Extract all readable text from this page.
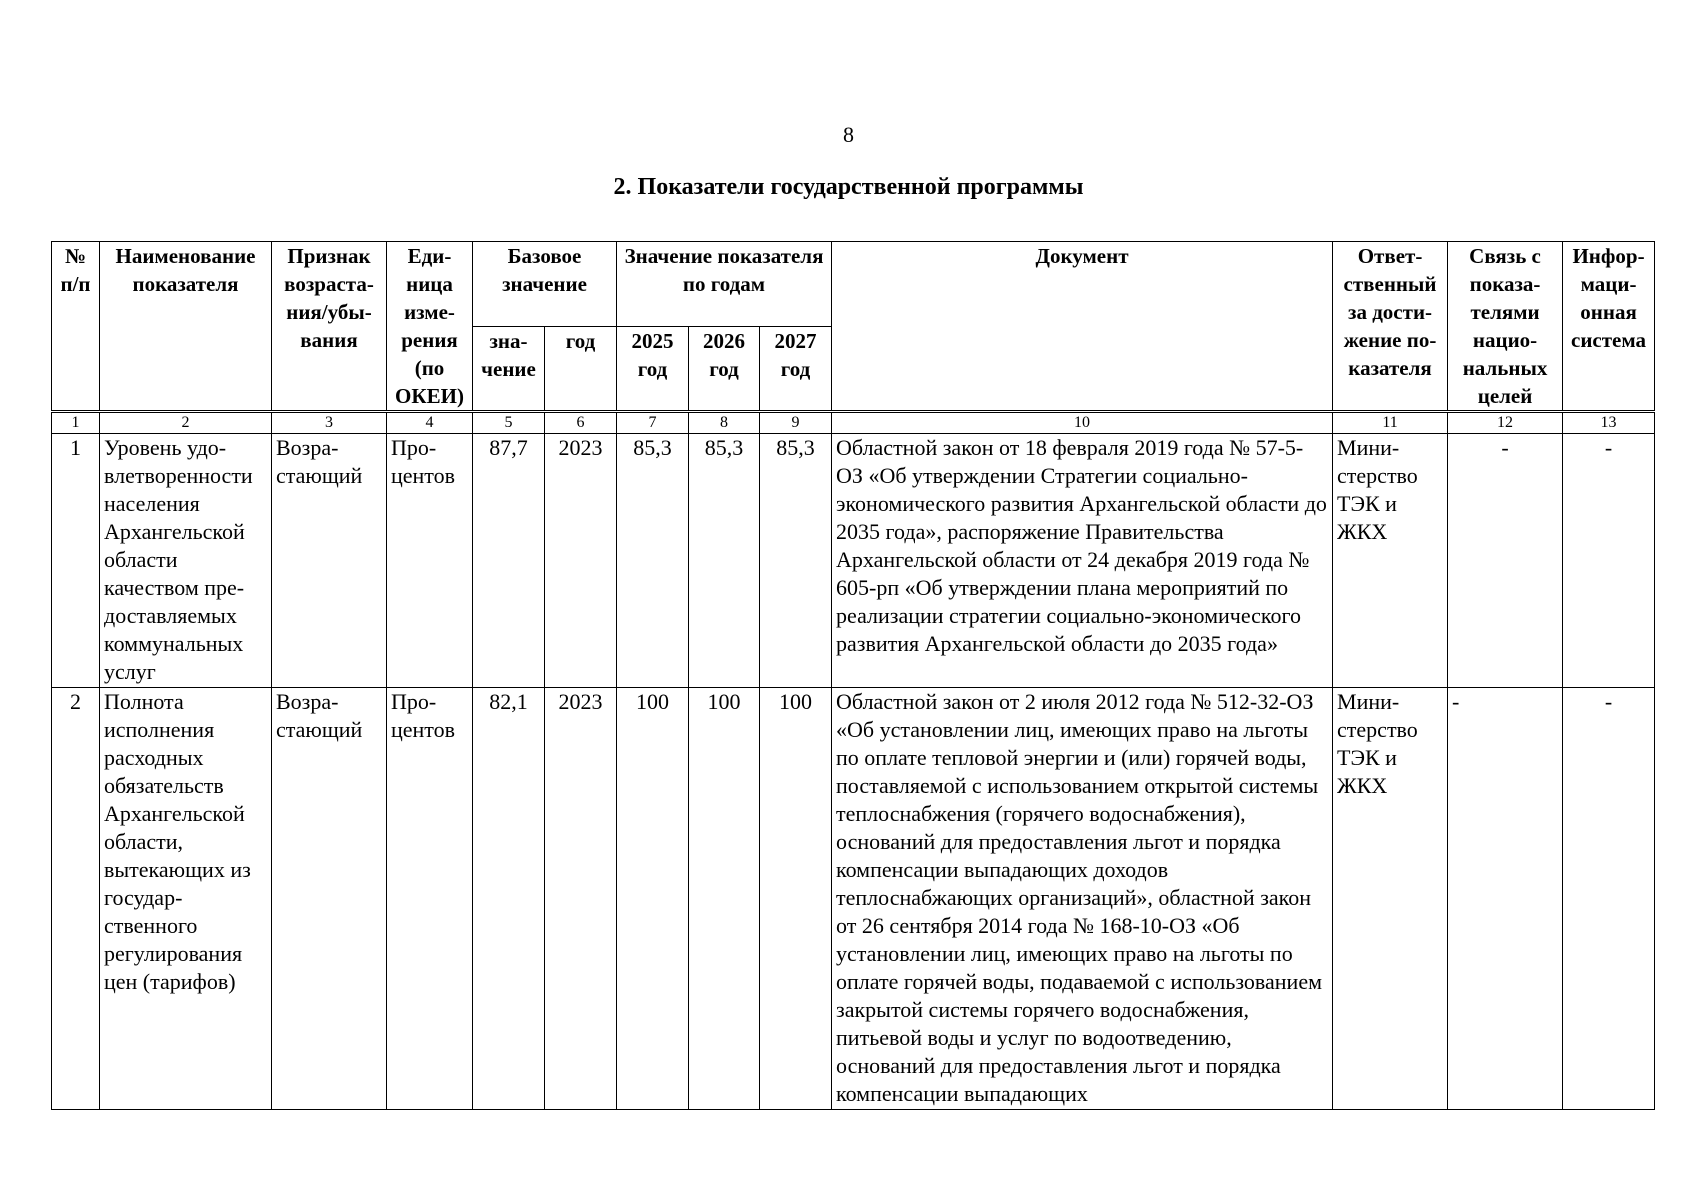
8
2. Показатели государственной программы
№ п/п	Наименование показателя	Признак возраста-ния/убы-вания	Еди-ница изме-рения (по ОКЕИ)	Базовое значение		Значение показателя по годам			Документ	Ответ-ственный за дости-жение по-казателя	Связь с показа-телями нацио-нальных целей	Инфор-маци-онная система
				зна-чение	год	2025 год	2026 год	2027 год				
1	2	3	4	5	6	7	8	9	10	11	12	13
1	Уровень удо-влетворенности населения Архангельской области качеством пре-доставляемых коммунальных услуг	Возра-стающий	Про-центов	87,7	2023	85,3	85,3	85,3	Областной закон от 18 февраля 2019 года № 57-5-ОЗ «Об утверждении Стратегии социально-экономического развития Архангельской области до 2035 года», распоряжение Правительства Архангельской области от 24 декабря 2019 года № 605-рп «Об утверждении плана мероприятий по реализации стратегии социально-экономического развития Архангельской области до 2035 года»	Мини-стерство ТЭК и ЖКХ	-	-
2	Полнота исполнения расходных обязательств Архангельской области, вытекающих из государ-ственного регулирования цен (тарифов)	Возра-стающий	Про-центов	82,1	2023	100	100	100	Областной закон от 2 июля 2012 года № 512-32-ОЗ «Об установлении лиц, имеющих право на льготы по оплате тепловой энергии и (или) горячей воды, поставляемой с использованием открытой системы теплоснабжения (горячего водоснабжения), оснований для предоставления льгот и порядка компенсации выпадающих доходов теплоснабжающих организаций», областной закон от 26 сентября 2014 года № 168-10-ОЗ «Об установлении лиц, имеющих право на льготы по оплате горячей воды, подаваемой с использованием закрытой системы горячего водоснабжения, питьевой воды и услуг по водоотведению, оснований для предоставления льгот и порядка компенсации выпадающих	Мини-стерство ТЭК и ЖКХ	-	-
